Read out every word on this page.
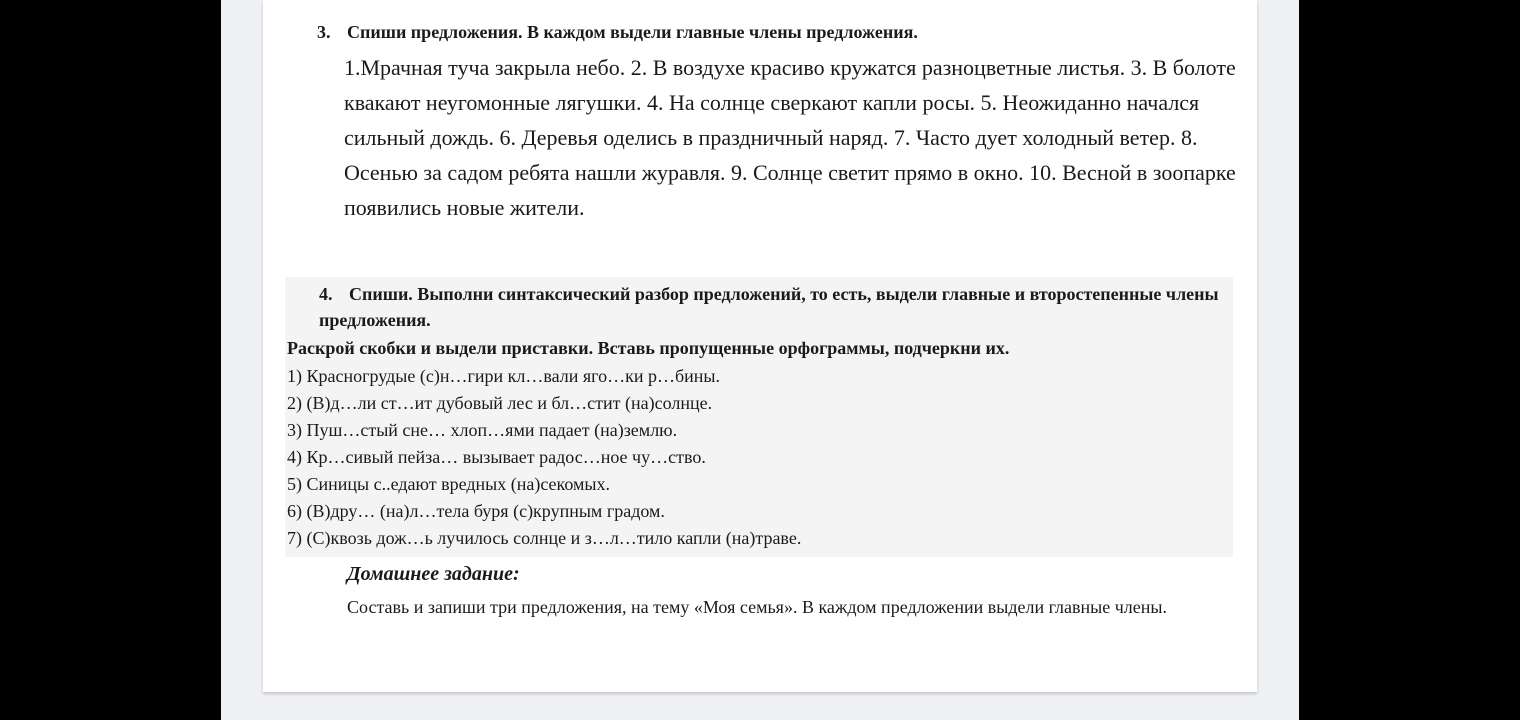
3. Спиши предложения. В каждом выдели главные члены предложения.

1.Мрачная туча закрыла небо. 2. В воздухе красиво кружатся разноцветные листья. 3. В болоте квакают неугомонные лягушки. 4. На солнце сверкают капли росы. 5. Неожиданно начался сильный дождь. 6. Деревья оделись в праздничный наряд. 7. Часто дует холодный ветер. 8. Осенью за садом ребята нашли журавля. 9. Солнце светит прямо в окно. 10. Весной в зоопарке появились новые жители.

4. Спиши. Выполни синтаксический разбор предложений, то есть, выдели главные и второстепенные члены предложения.

Раскрой скобки и выдели приставки. Вставь пропущенные орфограммы, подчеркни их.

1) Красногрудые (с)н…гири кл…вали яго…ки р…бины.
2) (В)д…ли ст…ит дубовый лес и бл…стит (на)солнце.
3) Пуш…стый сне… хлоп…ями падает (на)землю.
4) Кр…сивый пейза… вызывает радос…ное чу…ство.
5) Синицы с..едают вредных (на)секомых.
6) (В)дру… (на)л…тела буря (с)крупным градом.
7) (С)квозь дож…ь лучилось солнце и з…л…тило капли (на)траве.

Домашнее задание:

Составь и запиши три предложения, на тему «Моя семья». В каждом предложении выдели главные члены.
